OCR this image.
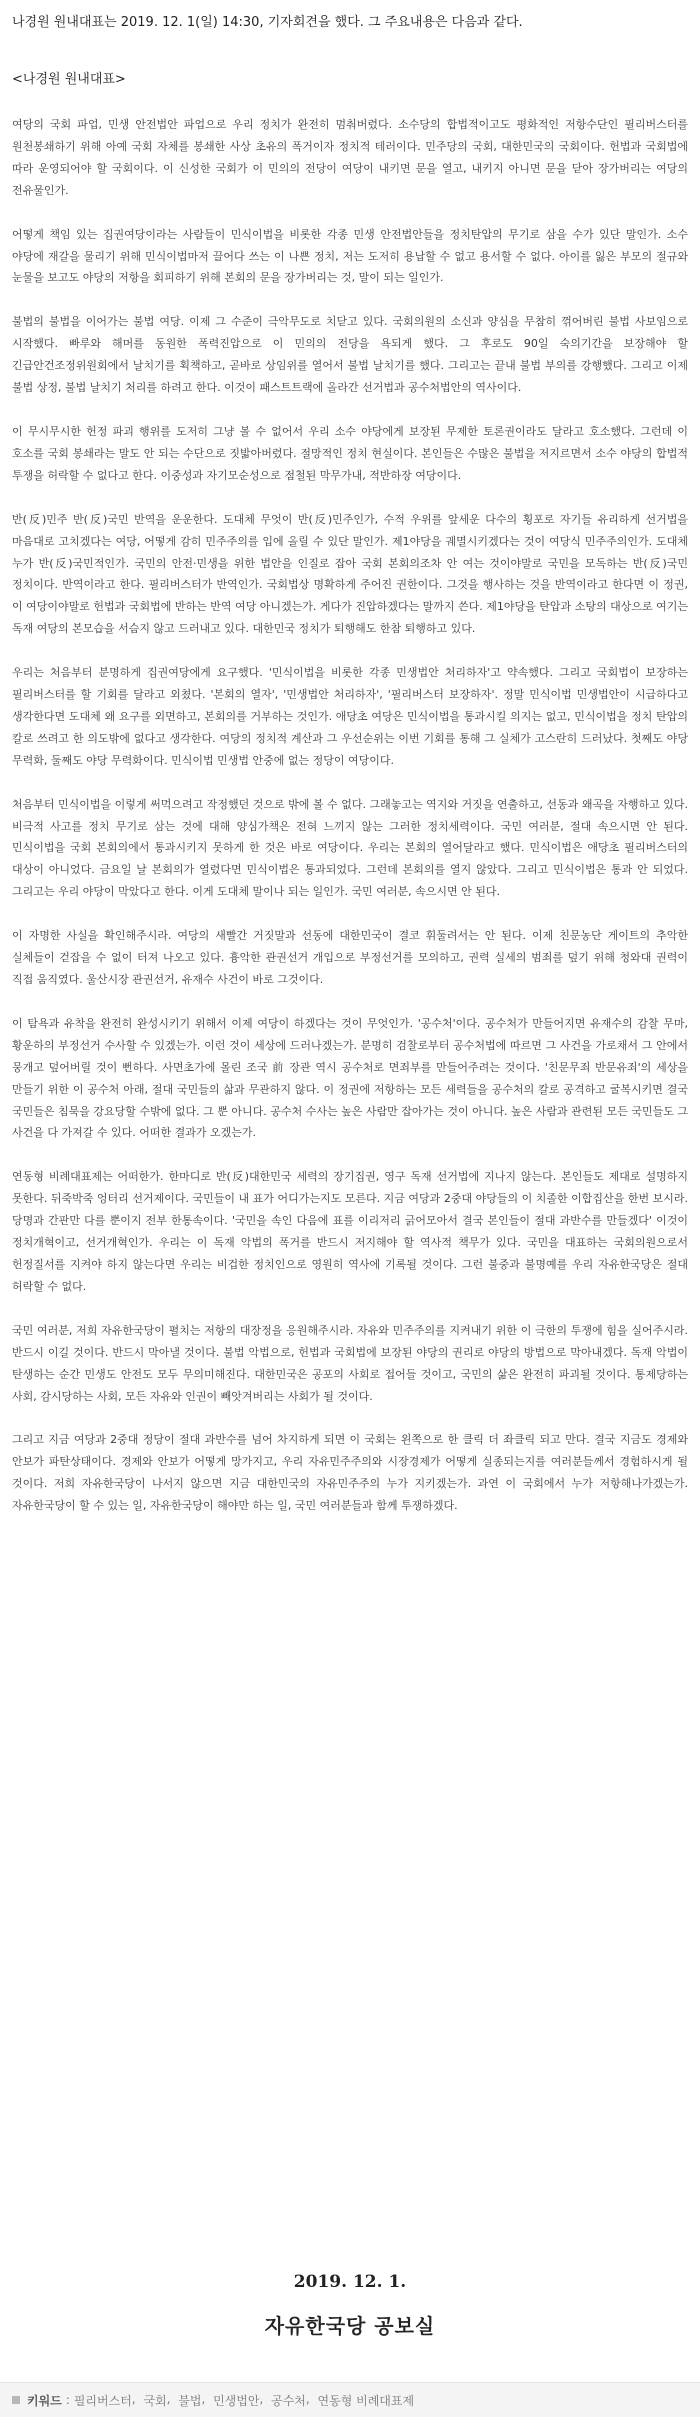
나경원 원내대표는 2019. 12. 1(일) 14:30, 기자회견을 했다. 그 주요내용은 다음과 같다.

<나경원 원내대표>

여당의 국회 파업, 민생 안전법안 파업으로 우리 정치가 완전히 멈춰버렸다. 소수당의 합법적이고도 평화적인 저항수단인 필리버스터를 원천봉쇄하기 위해 아예 국회 자체를 봉쇄한 사상 초유의 폭거이자 정치적 테러이다. 민주당의 국회, 대한민국의 국회이다. 헌법과 국회법에 따라 운영되어야 할 국회이다. 이 신성한 국회가 이 민의의 전당이 여당이 내키면 문을 열고, 내키지 아니면 문을 닫아 장가버리는 여당의 전유물인가.

어떻게 책임 있는 집권여당이라는 사람들이 민식이법을 비롯한 각종 민생 안전법안들을 정치탄압의 무기로 삼을 수가 있단 말인가. 소수 야당에 재갈을 물리기 위해 민식이법마저 끌어다 쓰는 이 나쁜 정치, 저는 도저히 용납할 수 없고 용서할 수 없다. 아이를 잃은 부모의 절규와 눈물을 보고도 야당의 저항을 회피하기 위해 본회의 문을 장가버리는 것, 말이 되는 일인가.

불법의 불법을 이어가는 불법 여당. 이제 그 수준이 극악무도로 치닫고 있다. 국회의원의 소신과 양심을 무참히 꺾어버린 불법 사보임으로 시작했다. 빠루와 해머를 동원한 폭력진압으로 이 민의의 전당을 욕되게 했다. 그 후로도 90일 숙의기간을 보장해야 할 긴급안건조정위원회에서 날치기를 획책하고, 곧바로 상임위를 열어서 불법 날치기를 했다. 그리고는 끝내 불법 부의를 강행했다. 그리고 이제 불법 상정, 불법 날치기 처리를 하려고 한다. 이것이 패스트트랙에 올라간 선거법과 공수처법안의 역사이다.

이 무시무시한 헌정 파괴 행위를 도저히 그냥 볼 수 없어서 우리 소수 야당에게 보장된 무제한 토론권이라도 달라고 호소했다. 그런데 이 호소를 국회 봉쇄라는 말도 안 되는 수단으로 짓밟아버렸다. 절망적인 정치 현실이다. 본인들은 수많은 불법을 저지르면서 소수 야당의 합법적 투쟁을 허락할 수 없다고 한다. 이중성과 자기모순성으로 점철된 막무가내, 적반하장 여당이다.

반(反)민주 반(反)국민 반역을 운운한다. 도대체 무엇이 반(反)민주인가, 수적 우위를 앞세운 다수의 횡포로 자기들 유리하게 선거법을 마음대로 고치겠다는 여당, 어떻게 감히 민주주의를 입에 올릴 수 있단 말인가. 제1야당을 궤멸시키겠다는 것이 여당식 민주주의인가. 도대체 누가 반(反)국민적인가. 국민의 안전·민생을 위한 법안을 인질로 잡아 국회 본회의조차 안 여는 것이야말로 국민을 모독하는 반(反)국민 정치이다. 반역이라고 한다. 필리버스터가 반역인가. 국회법상 명확하게 주어진 권한이다. 그것을 행사하는 것을 반역이라고 한다면 이 정권, 이 여당이야말로 헌법과 국회법에 반하는 반역 여당 아니겠는가. 게다가 진압하겠다는 말까지 쓴다. 제1야당을 탄압과 소탕의 대상으로 여기는 독재 여당의 본모습을 서슴지 않고 드러내고 있다. 대한민국 정치가 퇴행해도 한참 퇴행하고 있다.

우리는 처음부터 분명하게 집권여당에게 요구했다. '민식이법을 비롯한 각종 민생법안 처리하자'고 약속했다. 그리고 국회법이 보장하는 필리버스터를 할 기회를 달라고 외쳤다. '본회의 열자', '민생법안 처리하자', '필리버스터 보장하자'. 정말 민식이법 민생법안이 시급하다고 생각한다면 도대체 왜 요구를 외면하고, 본회의를 거부하는 것인가. 애당초 여당은 민식이법을 통과시킬 의지는 없고, 민식이법을 정치 탄압의 칼로 쓰려고 한 의도밖에 없다고 생각한다. 여당의 정치적 계산과 그 우선순위는 이번 기회를 통해 그 실체가 고스란히 드러났다. 첫째도 야당 무력화, 둘째도 야당 무력화이다. 민식이법 민생법 안중에 없는 정당이 여당이다.

처음부터 민식이법을 이렇게 써먹으려고 작정했던 것으로 밖에 볼 수 없다. 그래놓고는 역지와 거짓을 연출하고, 선동과 왜곡을 자행하고 있다. 비극적 사고를 정치 무기로 삼는 것에 대해 양심가책은 전혀 느끼지 않는 그러한 정치세력이다. 국민 여러분, 절대 속으시면 안 된다. 민식이법을 국회 본회의에서 통과시키지 못하게 한 것은 바로 여당이다. 우리는 본회의 열어달라고 했다. 민식이법은 애당초 필리버스터의 대상이 아니었다. 금요일 날 본회의가 열렸다면 민식이법은 통과되었다. 그런데 본회의를 열지 않았다. 그리고 민식이법은 통과 안 되었다. 그리고는 우리 야당이 막았다고 한다. 이게 도대체 말이나 되는 일인가. 국민 여러분, 속으시면 안 된다.

이 자명한 사실을 확인해주시라. 여당의 새빨간 거짓말과 선동에 대한민국이 결코 휘둘려서는 안 된다. 이제 친문농단 게이트의 추악한 실체들이 걷잡을 수 없이 터져 나오고 있다. 흉악한 관권선거 개입으로 부정선거를 모의하고, 권력 실세의 범죄를 덮기 위해 청와대 권력이 직접 움직였다. 울산시장 관권선거, 유재수 사건이 바로 그것이다.

이 탐욕과 유착을 완전히 완성시키기 위해서 이제 여당이 하겠다는 것이 무엇인가. '공수처'이다. 공수처가 만들어지면 유재수의 감찰 무마, 황운하의 부정선거 수사할 수 있겠는가. 이런 것이 세상에 드러나겠는가. 분명히 검찰로부터 공수처법에 따르면 그 사건을 가로채서 그 안에서 뭉개고 덮어버릴 것이 뻔하다. 사면초가에 몰린 조국 前 장관 역시 공수처로 면죄부를 만들어주려는 것이다. '친문무죄 반문유죄'의 세상을 만들기 위한 이 공수처 아래, 절대 국민들의 삶과 무관하지 않다. 이 정권에 저항하는 모든 세력들을 공수처의 칼로 공격하고 굴복시키면 결국 국민들은 침묵을 강요당할 수밖에 없다. 그 뿐 아니다. 공수처 수사는 높은 사람만 잡아가는 것이 아니다. 높은 사람과 관련된 모든 국민들도 그 사건을 다 가져갈 수 있다. 어떠한 결과가 오겠는가.

연동형 비례대표제는 어떠한가. 한마디로 반(反)대한민국 세력의 장기집권, 영구 독재 선거법에 지나지 않는다. 본인들도 제대로 설명하지 못한다. 뒤죽박죽 엉터리 선거제이다. 국민들이 내 표가 어디가는지도 모른다. 지금 여당과 2중대 야당들의 이 치졸한 이합집산을 한번 보시라. 당명과 간판만 다를 뿐이지 전부 한통속이다. '국민을 속인 다음에 표를 이리저리 긁어모아서 결국 본인들이 절대 과반수를 만들겠다' 이것이 정치개혁이고, 선거개혁인가. 우리는 이 독재 악법의 폭거를 반드시 저지해야 할 역사적 책무가 있다. 국민을 대표하는 국회의원으로서 헌정질서를 지켜야 하지 않는다면 우리는 비겁한 정치인으로 영원히 역사에 기록될 것이다. 그런 불중과 불명예를 우리 자유한국당은 절대 허락할 수 없다.

국민 여러분, 저희 자유한국당이 펼치는 저항의 대장정을 응원해주시라. 자유와 민주주의를 지켜내기 위한 이 극한의 투쟁에 힘을 실어주시라. 반드시 이길 것이다. 반드시 막아낼 것이다. 불법 악법으로, 헌법과 국회법에 보장된 야당의 권리로 야당의 방법으로 막아내겠다. 독재 악법이 탄생하는 순간 민생도 안전도 모두 무의미해진다. 대한민국은 공포의 사회로 접어들 것이고, 국민의 삶은 완전히 파괴될 것이다. 통제당하는 사회, 감시당하는 사회, 모든 자유와 인권이 빼앗겨버리는 사회가 될 것이다.

그리고 지금 여당과 2중대 정당이 절대 과반수를 넘어 차지하게 되면 이 국회는 왼쪽으로 한 클릭 더 좌클릭 되고 만다. 결국 지금도 경제와 안보가 파탄상태이다. 경제와 안보가 어떻게 망가지고, 우리 자유민주주의와 시장경제가 어떻게 실종되는지를 여러분들께서 경험하시게 될 것이다. 저희 자유한국당이 나서지 않으면 지금 대한민국의 자유민주주의 누가 지키겠는가. 과연 이 국회에서 누가 저항해나가겠는가. 자유한국당이 할 수 있는 일, 자유한국당이 해야만 하는 일, 국민 여러분들과 함께 투쟁하겠다.

2019. 12. 1.

자유한국당 공보실

키워드 : 필리버스터 , 국회 , 불법 , 민생법안 , 공수처 , 연동형 비례대표제
